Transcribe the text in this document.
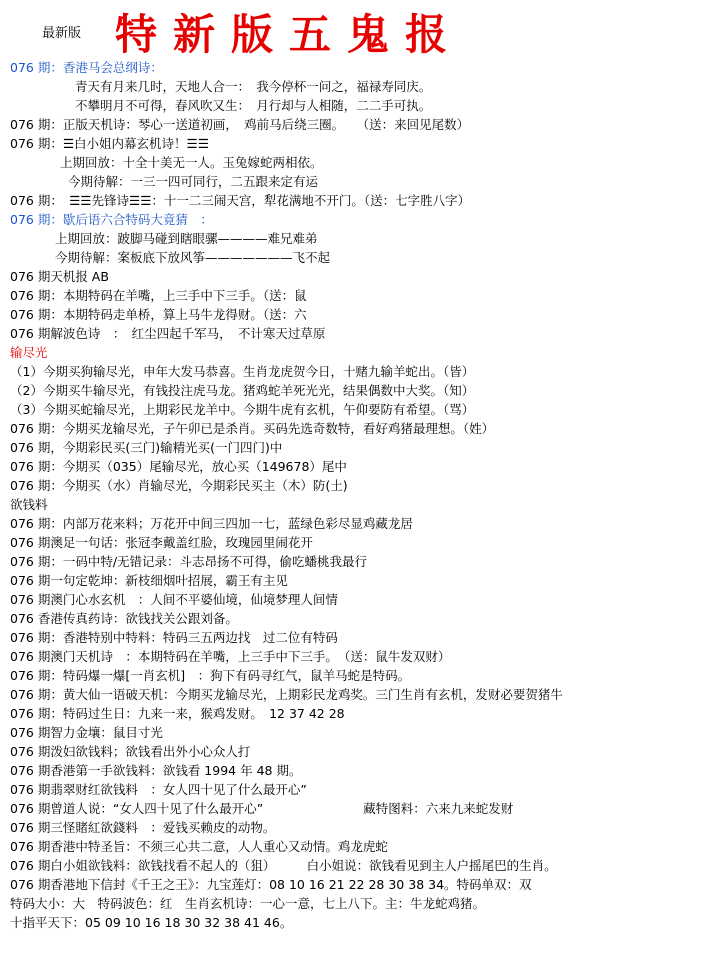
最新版 特新版五鬼报
076 期：香港马会总纲诗：
青天有月来几时，天地人合一：　我今停杯一问之，福禄寿同庆。
不攀明月不可得，春风吹又生：　月行却与人相随，二二手可执。
076 期：正版天机诗：琴心一送道初画，　鸡前马后绕三圈。　　（送：来回见尾数）
076 期：☰白小姐内幕玄机诗！☰☰
上期回放：十全十美无一人。玉兔嫁蛇两相依。
今期待解：一三一四可同行，二五跟来定有运
076 期：　☰☰先锋诗☰☰：十一二三闹天宫，犁花满地不开门。（送：七字胜八字）
076 期：歇后语六合特码大竟猜　：
上期回放：跛脚马碰到瞎眼骡————难兄难弟
今期待解：案板底下放风筝———————飞不起
076 期天机报 AB
076 期：本期特码在羊嘴，上三手中下三手。（送：鼠
076 期：本期特码走单桥，算上马牛龙得财。（送：六
076 期解波色诗　：　红尘四起千军马，　不计寒天过草原
输尽光
（1）今期买狗输尽光，申年大发马恭喜。生肖龙虎贺今日，十赌九输羊蛇出。（皆）
（2）今期买牛输尽光，有钱投注虎马龙。猪鸡蛇羊死光光，结果偶数中大奖。（知）
（3）今期买蛇输尽光，上期彩民龙羊中。今期牛虎有玄机，午仰要防有希望。（骂）
076 期：今期买龙输尽光，子午卯已是杀肖。买码先选奇数特，看好鸡猪最理想。（姓）
076 期，今期彩民买(三门)输精光买(一门四门)中
076 期：今期买（035）尾输尽光，放心买（149678）尾中
076 期：今期买（水）肖输尽光，今期彩民买主（木）防(土)
欲钱料
076 期：内部万花来料；万花开中间三四加一七，蓝绿色彩尽显鸡藏龙居
076 期澳足一句话：张冠李戴盖红脸，玫瑰园里闹花开
076 期：一码中特/无错记录：斗志昂扬不可得，偷吃蟠桃我最行
076 期一句定乾坤：新枝细烟叶招展，霸王有主见
076 期澳门心水玄机　：人间不平婆仙境，仙境梦理人间情
076 香港传真药诗：欲钱找关公跟刘备。
076 期：香港特别中特料：特码三五两边找　过二位有特码
076 期澳门天机诗　：本期特码在羊嘴，上三手中下三手。　（送：鼠牛发双财）
076 期：特码爆一爆[一肖玄机]　：狗下有码寻红气，鼠羊马蛇是特码。
076 期：黄大仙一语破天机：今期买龙输尽光，上期彩民龙鸡奖。三门生肖有玄机，发财必要贺猪牛
076 期：特码过生日：九来一来，猴鸡发财。　12 37 42 28
076 期智力金壤：鼠目寸光
076 期泼妇欲钱料；欲钱看出外小心众人打
076 期香港第一手欲钱料：欲钱看 1994 年 48 期。
076 期翡翠财红欲钱料　：女人四十见了什么最开心”
076 期曾道人说：“女人四十见了什么最开心”　　　　　　　　藏特图料：六来九来蛇发财
076 期三怪賭紅欲錢料　：爱钱买赖皮的动物。
076 期香港中特圣旨：不须三心共二意，人人重心又动情。鸡龙虎蛇
076 期白小姐欲钱料：欲钱找看不起人的（狙）　　　白小姐说：欲钱看见到主人户摇尾巴的生肖。
076 期香港地下信封《千王之王》：九宝莲灯：08 10 16 21 22 28 30 38 34。特码单双：双
特码大小：大　特码波色：红　生肖玄机诗：一心一意，七上八下。主：牛龙蛇鸡猪。
十指平天下：05 09 10 16 18 30 32 38 41 46。
